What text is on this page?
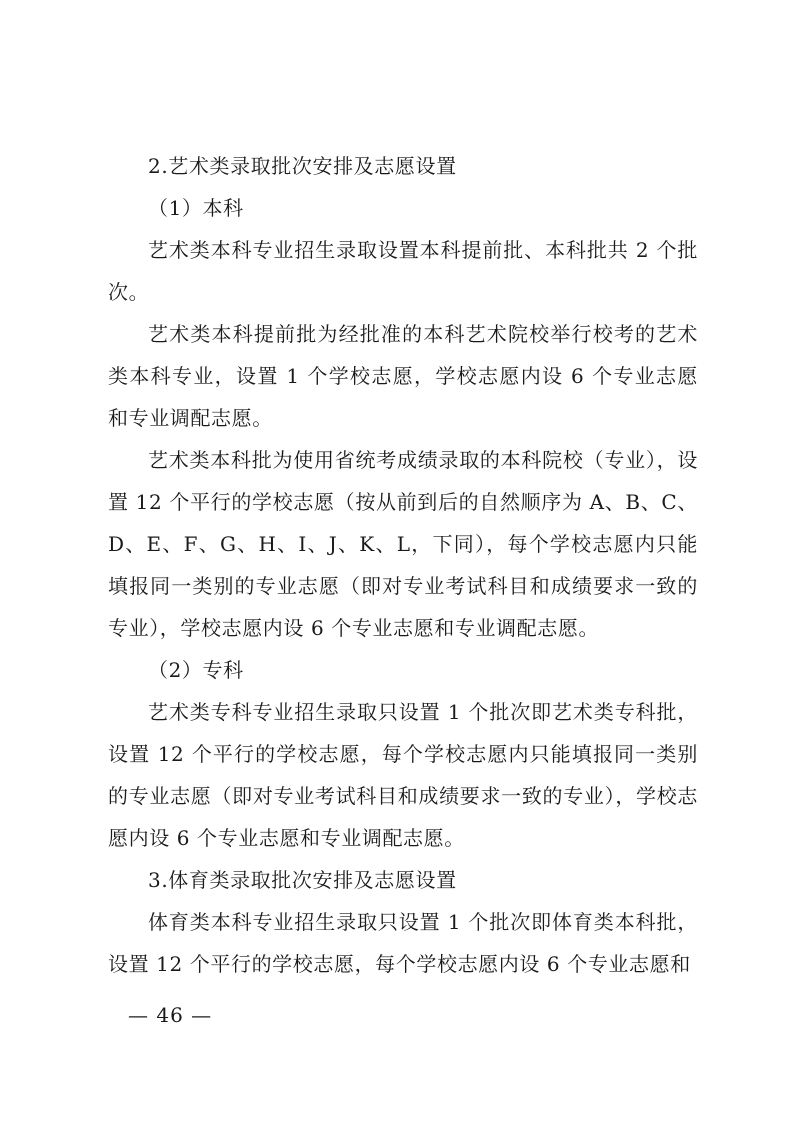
2.艺术类录取批次安排及志愿设置

（1）本科

艺术类本科专业招生录取设置本科提前批、本科批共 2 个批次。

艺术类本科提前批为经批准的本科艺术院校举行校考的艺术类本科专业，设置 1 个学校志愿，学校志愿内设 6 个专业志愿和专业调配志愿。

艺术类本科批为使用省统考成绩录取的本科院校（专业），设置 12 个平行的学校志愿（按从前到后的自然顺序为 A、B、C、D、E、F、G、H、I、J、K、L，下同），每个学校志愿内只能填报同一类别的专业志愿（即对专业考试科目和成绩要求一致的专业），学校志愿内设 6 个专业志愿和专业调配志愿。

（2）专科

艺术类专科专业招生录取只设置 1 个批次即艺术类专科批，设置 12 个平行的学校志愿，每个学校志愿内只能填报同一类别的专业志愿（即对专业考试科目和成绩要求一致的专业），学校志愿内设 6 个专业志愿和专业调配志愿。

3.体育类录取批次安排及志愿设置

体育类本科专业招生录取只设置 1 个批次即体育类本科批，设置 12 个平行的学校志愿，每个学校志愿内设 6 个专业志愿和

— 46 —
